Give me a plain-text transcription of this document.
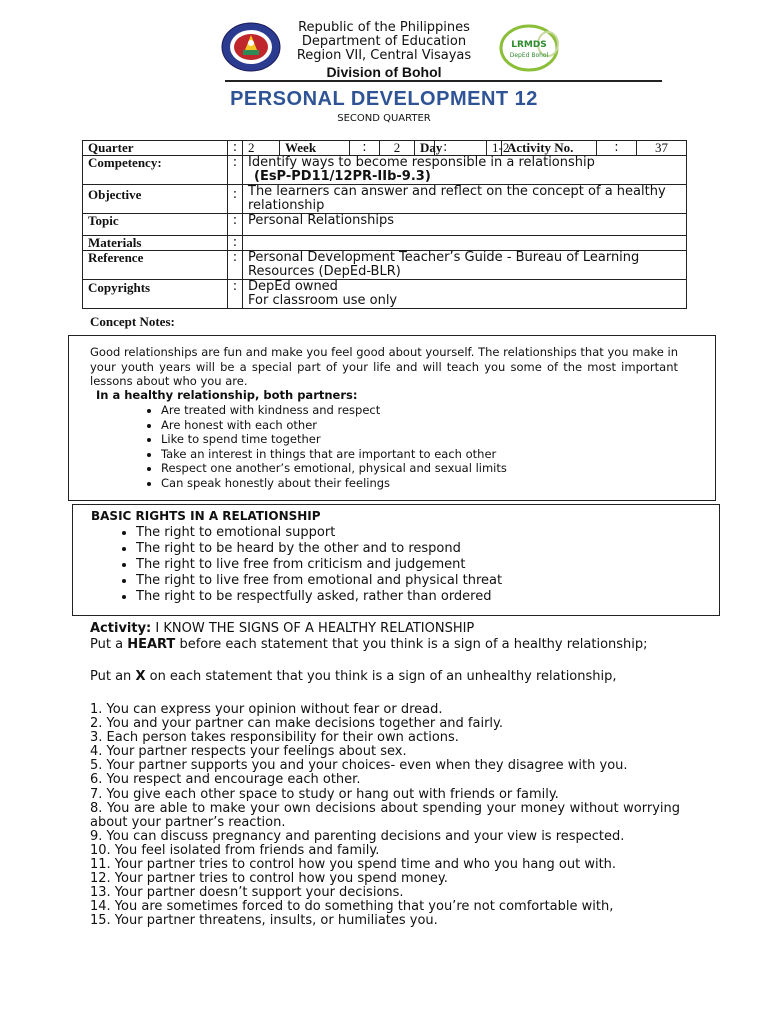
LRMDS
DepEd Bohol
Republic of the Philippines
Department of Education
Region VII, Central Visayas
Division of Bohol
PERSONAL DEVELOPMENT 12
SECOND QUARTER
Quarter	:	2	Week	:	2	Day	:	1-2	Activity No.	:	37
Competency:	:	Identify ways to become responsible in a relationship
(EsP-PD11/12PR-IIb-9.3)									

Objective	:	The learners can answer and reflect on the concept of a healthy relationship									
Topic	:	Personal Relationships									
Materials	:										
Reference	:	Personal Development Teacher’s Guide - Bureau of Learning Resources (DepEd-BLR)									
Copyrights	:	DepEd owned
For classroom use only									
Concept Notes:

Good relationships are fun and make you feel good about yourself. The relationships that you make in your youth years will be a special part of your life and will teach you some of the most important lessons about who you are.

In a healthy relationship, both partners:
• Are treated with kindness and respect
• Are honest with each other
• Like to spend time together
• Take an interest in things that are important to each other
• Respect one another’s emotional, physical and sexual limits
• Can speak honestly about their feelings
BASIC RIGHTS IN A RELATIONSHIP
• The right to emotional support
• The right to be heard by the other and to respond
• The right to live free from criticism and judgement
• The right to live free from emotional and physical threat
• The right to be respectfully asked, rather than ordered
Activity: I KNOW THE SIGNS OF A HEALTHY RELATIONSHIP
Put a HEART before each statement that you think is a sign of a healthy relationship;
Put an X on each statement that you think is a sign of an unhealthy relationship,
1. You can express your opinion without fear or dread.
2. You and your partner can make decisions together and fairly.
3. Each person takes responsibility for their own actions.
4. Your partner respects your feelings about sex.
5. Your partner supports you and your choices- even when they disagree with you.
6. You respect and encourage each other.
7. You give each other space to study or hang out with friends or family.
8. You are able to make your own decisions about spending your money without worrying about your partner’s reaction.
9. You can discuss pregnancy and parenting decisions and your view is respected.
10. You feel isolated from friends and family.
11. Your partner tries to control how you spend time and who you hang out with.
12. Your partner tries to control how you spend money.
13. Your partner doesn’t support your decisions.
14. You are sometimes forced to do something that you’re not comfortable with,
15. Your partner threatens, insults, or humiliates you.
